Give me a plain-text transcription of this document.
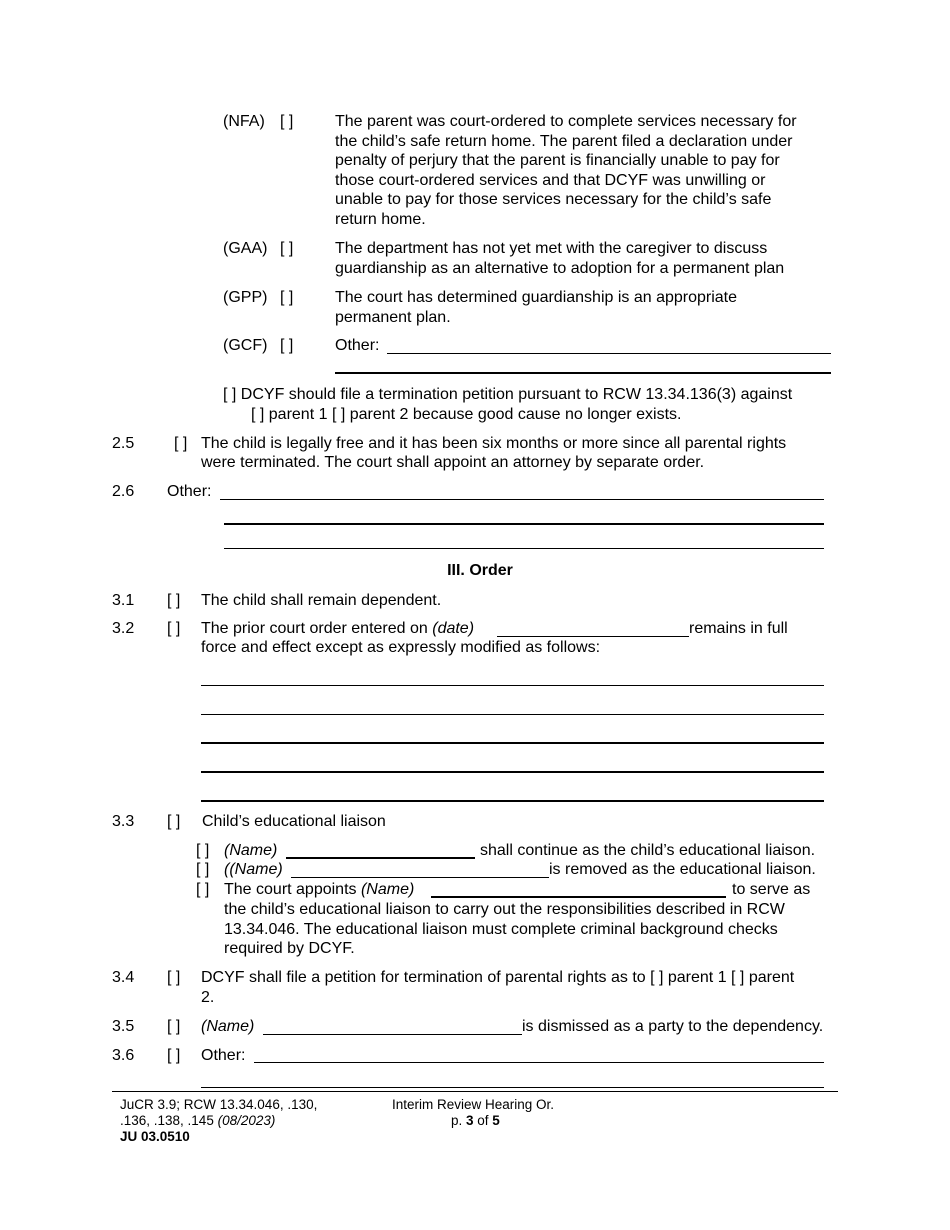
(NFA) [ ]	The parent was court-ordered to complete services necessary for
the child’s safe return home. The parent filed a declaration under
penalty of perjury that the parent is financially unable to pay for
those court-ordered services and that DCYF was unwilling or
unable to pay for those services necessary for the child’s safe
return home.
(GAA) [ ]	The department has not yet met with the caregiver to discuss
guardianship as an alternative to adoption for a permanent plan
(GPP) [ ]	The court has determined guardianship is an appropriate
permanent plan.
(GCF) [ ]	Other:
[ ] DCYF should file a termination petition pursuant to RCW 13.34.136(3) against
[ ] parent 1 [ ] parent 2 because good cause no longer exists.
2.5 [ ] The child is legally free and it has been six months or more since all parental rights
were terminated. The court shall appoint an attorney by separate order.
2.6 Other:
III. Order
3.1 [ ] The child shall remain dependent.
3.2 [ ] The prior court order entered on (date)	remains in full
force and effect except as expressly modified as follows:
3.3 [ ] Child’s educational liaison
[ ] (Name)	shall continue as the child’s educational liaison.
[ ] ((Name)	is removed as the educational liaison.
[ ] The court appoints (Name)	to serve as
the child’s educational liaison to carry out the responsibilities described in RCW
13.34.046. The educational liaison must complete criminal background checks
required by DCYF.
3.4 [ ] DCYF shall file a petition for termination of parental rights as to [ ] parent 1 [ ] parent
2.
3.5 [ ] (Name)	is dismissed as a party to the dependency.
3.6 [ ] Other:
JuCR 3.9; RCW 13.34.046, .130,
.136, .138, .145 (08/2023)
JU 03.0510
Interim Review Hearing Or.
p. 3 of 5
